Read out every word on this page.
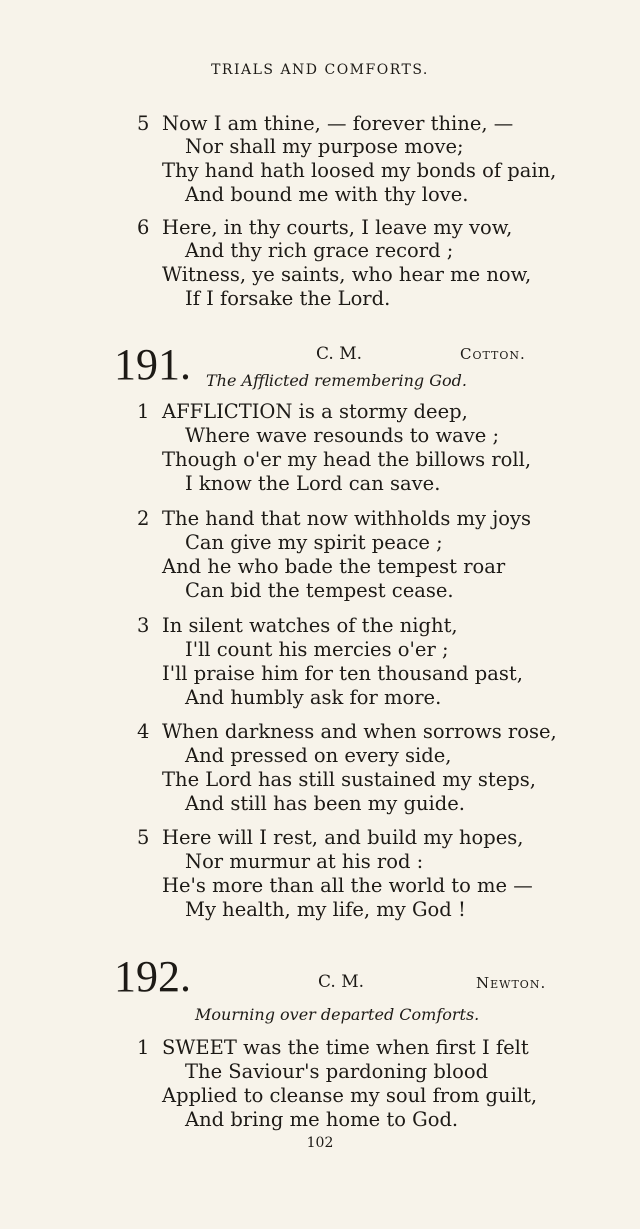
TRIALS AND COMFORTS.
5 Now I am thine, — forever thine, —
Nor shall my purpose move;
Thy hand hath loosed my bonds of pain,
And bound me with thy love.
6 Here, in thy courts, I leave my vow,
And thy rich grace record ;
Witness, ye saints, who hear me now,
If I forsake the Lord.
191.	C. M.	Cotton.
The Afflicted remembering God.
1 AFFLICTION is a stormy deep,
Where wave resounds to wave ;
Though o'er my head the billows roll,
I know the Lord can save.
2 The hand that now withholds my joys
Can give my spirit peace ;
And he who bade the tempest roar
Can bid the tempest cease.
3 In silent watches of the night,
I'll count his mercies o'er ;
I'll praise him for ten thousand past,
And humbly ask for more.
4 When darkness and when sorrows rose,
And pressed on every side,
The Lord has still sustained my steps,
And still has been my guide.
5 Here will I rest, and build my hopes,
Nor murmur at his rod :
He's more than all the world to me —
My health, my life, my God !
192.	C. M.	Newton.
Mourning over departed Comforts.
1 SWEET was the time when first I felt
The Saviour's pardoning blood
Applied to cleanse my soul from guilt,
And bring me home to God.
102
